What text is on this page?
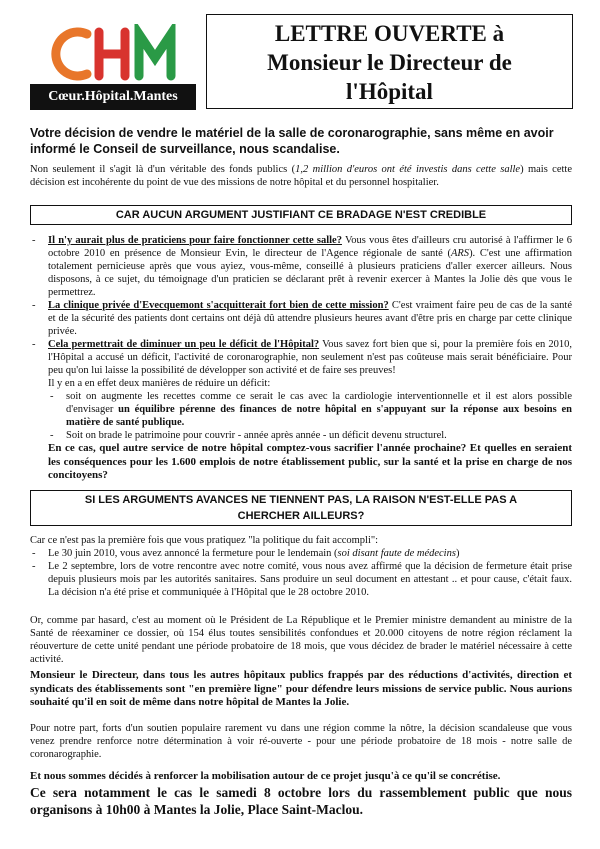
Cœur.Hôpital.Mantes
LETTRE OUVERTE à
Monsieur le Directeur de
l'Hôpital
Votre décision de vendre le matériel de la salle de coronarographie, sans même en avoir informé le Conseil de surveillance, nous scandalise.
Non seulement il s'agit là d'un véritable des fonds publics (1,2 million d'euros ont été investis dans cette salle) mais cette décision est incohérente du point de vue des missions de notre hôpital et du personnel hospitalier.
CAR AUCUN ARGUMENT JUSTIFIANT CE BRADAGE N'EST CREDIBLE
- Il n'y aurait plus de praticiens pour faire fonctionner cette salle? Vous vous êtes d'ailleurs cru autorisé à l'affirmer le 6 octobre 2010 en présence de Monsieur Evin, le directeur de l'Agence régionale de santé (ARS). C'est une affirmation totalement pernicieuse après que vous ayiez, vous-même, conseillé à plusieurs praticiens d'aller exercer ailleurs. Nous disposons, à ce sujet, du témoignage d'un praticien se déclarant prêt à revenir exercer à Mantes la Jolie dès que vous le permettrez.
- La clinique privée d'Evecquemont s'acquitterait fort bien de cette mission? C'est vraiment faire peu de cas de la santé et de la sécurité des patients dont certains ont déjà dû attendre plusieurs heures avant d'être pris en charge par cette clinique privée.
- Cela permettrait de diminuer un peu le déficit de l'Hôpital? Vous savez fort bien que si, pour la première fois en 2010, l'Hôpital a accusé un déficit, l'activité de coronarographie, non seulement n'est pas coûteuse mais serait bénéficiaire. Pour peu qu'on lui laisse la possibilité de développer son activité et de faire ses preuves!
Il y en a en effet deux manières de réduire un déficit:
- soit on augmente les recettes comme ce serait le cas avec la cardiologie interventionnelle et il est alors possible d'envisager un équilibre pérenne des finances de notre hôpital en s'appuyant sur la réponse aux besoins en matière de santé publique.
- Soit on brade le patrimoine pour couvrir - année après année - un déficit devenu structurel.
En ce cas, quel autre service de notre hôpital comptez-vous sacrifier l'année prochaine? Et quelles en seraient les conséquences pour les 1.600 emplois de notre établissement public, sur la santé et la prise en charge de nos concitoyens?
SI LES ARGUMENTS AVANCES NE TIENNENT PAS, LA RAISON N'EST-ELLE PAS A
CHERCHER AILLEURS?
Car ce n'est pas la première fois que vous pratiquez "la politique du fait accompli":
- Le 30 juin 2010, vous avez annoncé la fermeture pour le lendemain (soi disant faute de médecins)
- Le 2 septembre, lors de votre rencontre avec notre comité, vous nous avez affirmé que la décision de fermeture était prise depuis plusieurs mois par les autorités sanitaires. Sans produire un seul document en attestant .. et pour cause, c'était faux. La décision n'a été prise et communiquée à l'Hôpital que le 28 octobre 2010.
Or, comme par hasard, c'est au moment où le Président de La République et le Premier ministre demandent au ministre de la Santé de réexaminer ce dossier, où 154 élus toutes sensibilités confondues et 20.000 citoyens de notre région réclament la réouverture de cette unité pendant une période probatoire de 18 mois, que vous décidez de brader le matériel nécessaire à cette activité.
Monsieur le Directeur, dans tous les autres hôpitaux publics frappés par des réductions d'activités, direction et syndicats des établissements sont "en première ligne" pour défendre leurs missions de service public. Nous aurions souhaité qu'il en soit de même dans notre hôpital de Mantes la Jolie.
Pour notre part, forts d'un soutien populaire rarement vu dans une région comme la nôtre, la décision scandaleuse que vous venez prendre renforce notre détermination à voir ré-ouverte - pour une période probatoire de 18 mois - notre salle de coronarographie.
Et nous sommes décidés à renforcer la mobilisation autour de ce projet jusqu'à ce qu'il se concrétise.
Ce sera notamment le cas le samedi 8 octobre lors du rassemblement public que nous organisons à 10h00 à Mantes la Jolie, Place Saint-Maclou.
